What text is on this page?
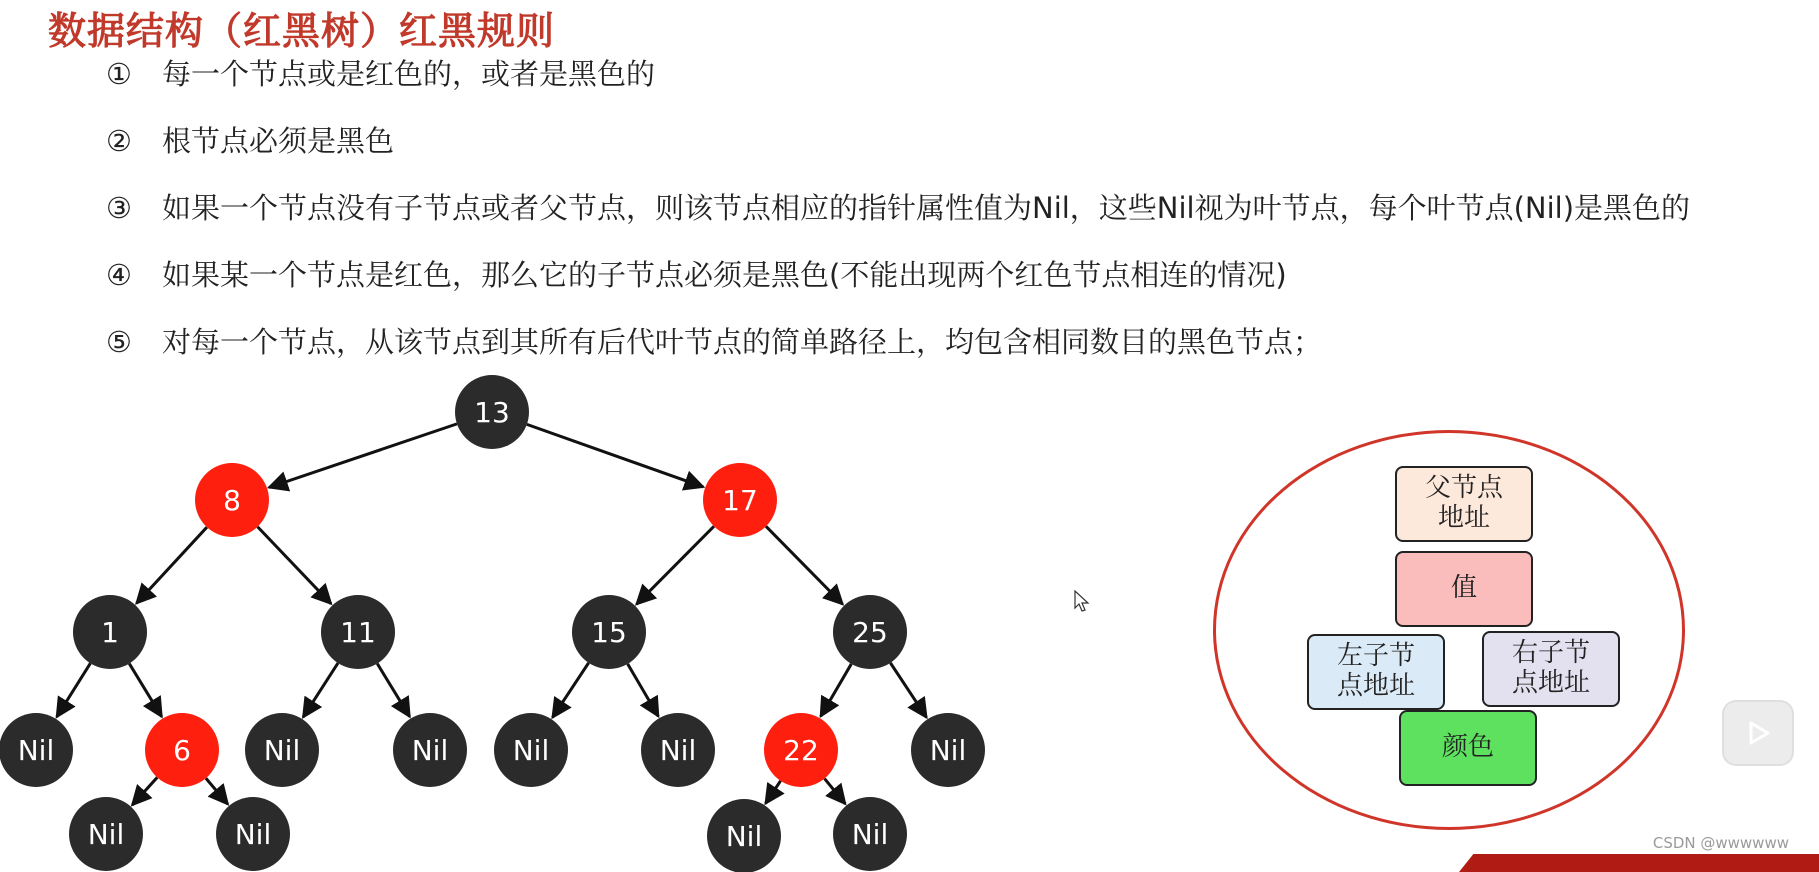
数据结构（红黑树）红黑规则
① 每一个节点或是红色的，或者是黑色的
② 根节点必须是黑色
③ 如果一个节点没有子节点或者父节点，则该节点相应的指针属性值为Nil，这些Nil视为叶节点，每个叶节点(Nil)是黑色的
④ 如果某一个节点是红色，那么它的子节点必须是黑色(不能出现两个红色节点相连的情况)
⑤ 对每一个节点，从该节点到其所有后代叶节点的简单路径上，均包含相同数目的黑色节点；
13
8	17
1	11	15	25
Nil	6	Nil	Nil Nil	Nil	22	Nil
Nil	Nil	Nil	Nil
父节点
地址
值
左子节
点地址
右子节
点地址
颜色
CSDN @wwwwww
